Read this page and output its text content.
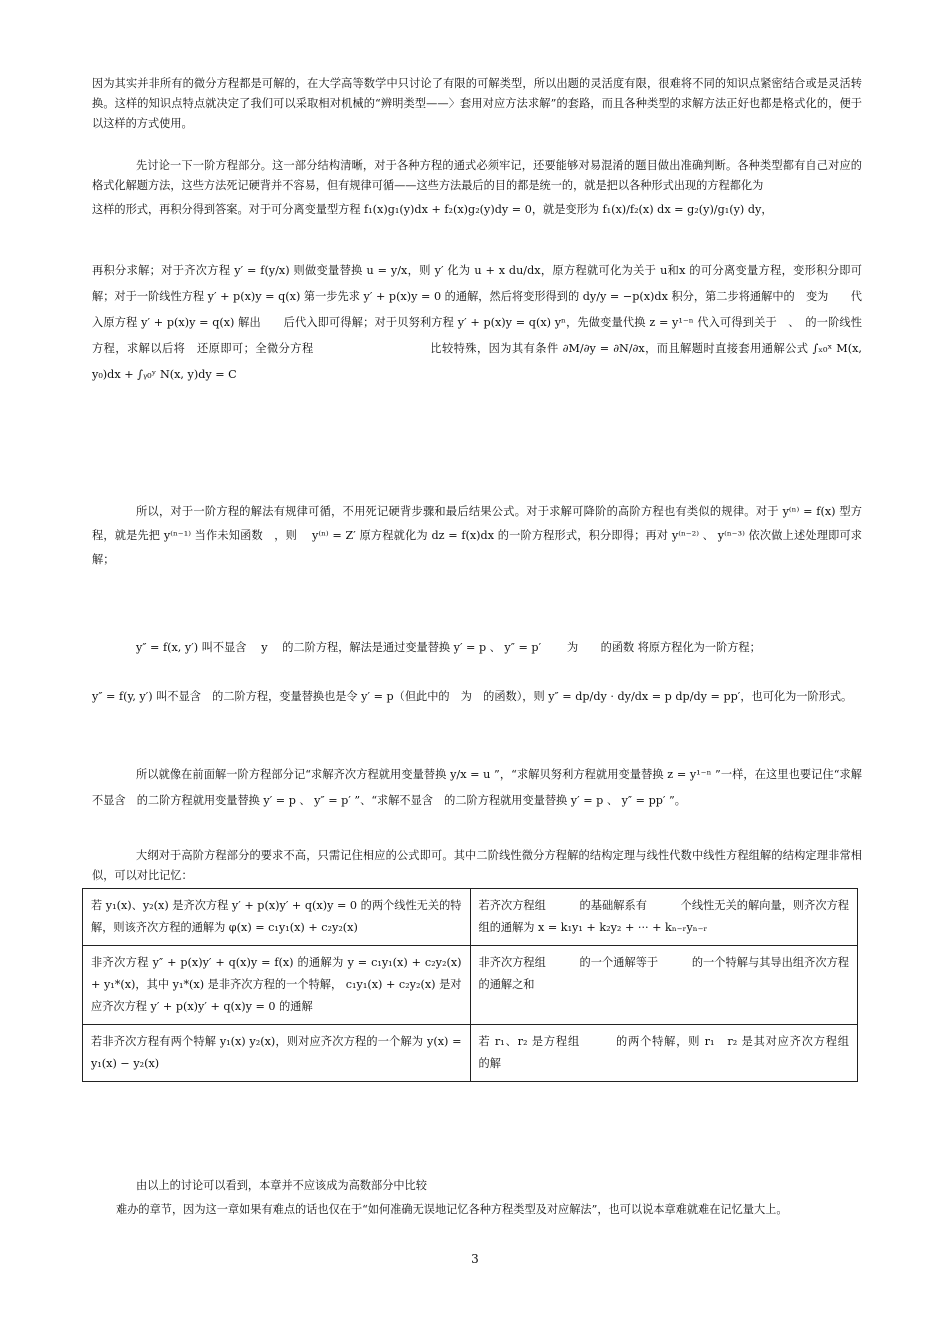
因为其实并非所有的微分方程都是可解的，在大学高等数学中只讨论了有限的可解类型，所以出题的灵活度有限，很难将不同的知识点紧密结合或是灵活转换。这样的知识点特点就决定了我们可以采取相对机械的“辨明类型——〉套用对应方法求解”的套路，而且各种类型的求解方法正好也都是格式化的，便于以这样的方式使用。

先讨论一下一阶方程部分。这一部分结构清晰，对于各种方程的通式必须牢记，还要能够对易混淆的题目做出准确判断。各种类型都有自己对应的格式化解题方法，这些方法死记硬背并不容易，但有规律可循——这些方法最后的目的都是统一的，就是把以各种形式出现的方程都化为

这样的形式，再积分得到答案。对于可分离变量型方程 f₁(x)g₁(y)dx + f₂(x)g₂(y)dy = 0，就是变形为 f₁(x)/f₂(x) dx = g₂(y)/g₁(y) dy，

再积分求解；对于齐次方程 y′ = f(y/x) 则做变量替换 u = y/x，则 y′ 化为 u + x du/dx，原方程就可化为关于 u和x 的可分离变量方程，变形积分即可解；对于一阶线性方程 y′ + p(x)y = q(x) 第一步先求 y′ + p(x)y = 0 的通解，然后将变形得到的 dy/y = −p(x)dx 积分，第二步将通解中的　变为　　代入原方程 y′ + p(x)y = q(x) 解出　　后代入即可得解；对于贝努利方程 y′ + p(x)y = q(x) yⁿ，先做变量代换 z = y¹⁻ⁿ 代入可得到关于　、　的一阶线性方程，求解以后将　还原即可；全微分方程　　　　　　　　　　比较特殊，因为其有条件 ∂M/∂y = ∂N/∂x，而且解题时直接套用通解公式 ∫ₓ₀ˣ M(x, y₀)dx + ∫ᵧ₀ʸ N(x, y)dy = C

所以，对于一阶方程的解法有规律可循，不用死记硬背步骤和最后结果公式。对于求解可降阶的高阶方程也有类似的规律。对于 y⁽ⁿ⁾ = f(x) 型方程，就是先把 y⁽ⁿ⁻¹⁾ 当作未知函数　，则　 y⁽ⁿ⁾ = Z′ 原方程就化为 dz = f(x)dx 的一阶方程形式，积分即得；再对 y⁽ⁿ⁻²⁾ 、 y⁽ⁿ⁻³⁾ 依次做上述处理即可求解；

y″ = f(x, y′) 叫不显含　 y 　的二阶方程，解法是通过变量替换 y′ = p 、 y″ = p′ 　　为　　的函数 将原方程化为一阶方程；

y″ = f(y, y′) 叫不显含　的二阶方程，变量替换也是令 y′ = p（但此中的　为　的函数），则 y″ = dp/dy · dy/dx = p dp/dy = pp′，也可化为一阶形式。

所以就像在前面解一阶方程部分记“求解齐次方程就用变量替换 y/x = u ”，“求解贝努利方程就用变量替换 z = y¹⁻ⁿ ”一样，在这里也要记住“求解不显含　的二阶方程就用变量替换 y′ = p 、 y″ = p′ ”、“求解不显含　的二阶方程就用变量替换 y′ = p 、 y″ = pp′ ”。

大纲对于高阶方程部分的要求不高，只需记住相应的公式即可。其中二阶线性微分方程解的结构定理与线性代数中线性方程组解的结构定理非常相似，可以对比记忆：

若 y₁(x)、y₂(x) 是齐次方程 y′ + p(x)y′ + q(x)y = 0 的两个线性无关的特解，则该齐次方程的通解为 φ(x) = c₁y₁(x) + c₂y₂(x)	若齐次方程组　　　的基础解系有　　　个线性无关的解向量，则齐次方程组的通解为 x = k₁y₁ + k₂y₂ + ··· + kₙ₋ᵣyₙ₋ᵣ
非齐次方程 y″ + p(x)y′ + q(x)y = f(x) 的通解为 y = c₁y₁(x) + c₂y₂(x) + y₁*(x)，其中 y₁*(x) 是非齐次方程的一个特解， c₁y₁(x) + c₂y₂(x) 是对应齐次方程 y′ + p(x)y′ + q(x)y = 0 的通解	非齐次方程组　　　的一个通解等于　　　的一个特解与其导出组齐次方程　　　的通解之和
若非齐次方程有两个特解 y₁(x) y₂(x)，则对应齐次方程的一个解为 y(x) = y₁(x) − y₂(x)	若 r₁、r₂ 是方程组　　　的两个特解，则 r₁　r₂ 是其对应齐次方程组　　　的解

由以上的讨论可以看到，本章并不应该成为高数部分中比较

难办的章节，因为这一章如果有难点的话也仅在于“如何准确无误地记忆各种方程类型及对应解法”，也可以说本章难就难在记忆量大上。

3
